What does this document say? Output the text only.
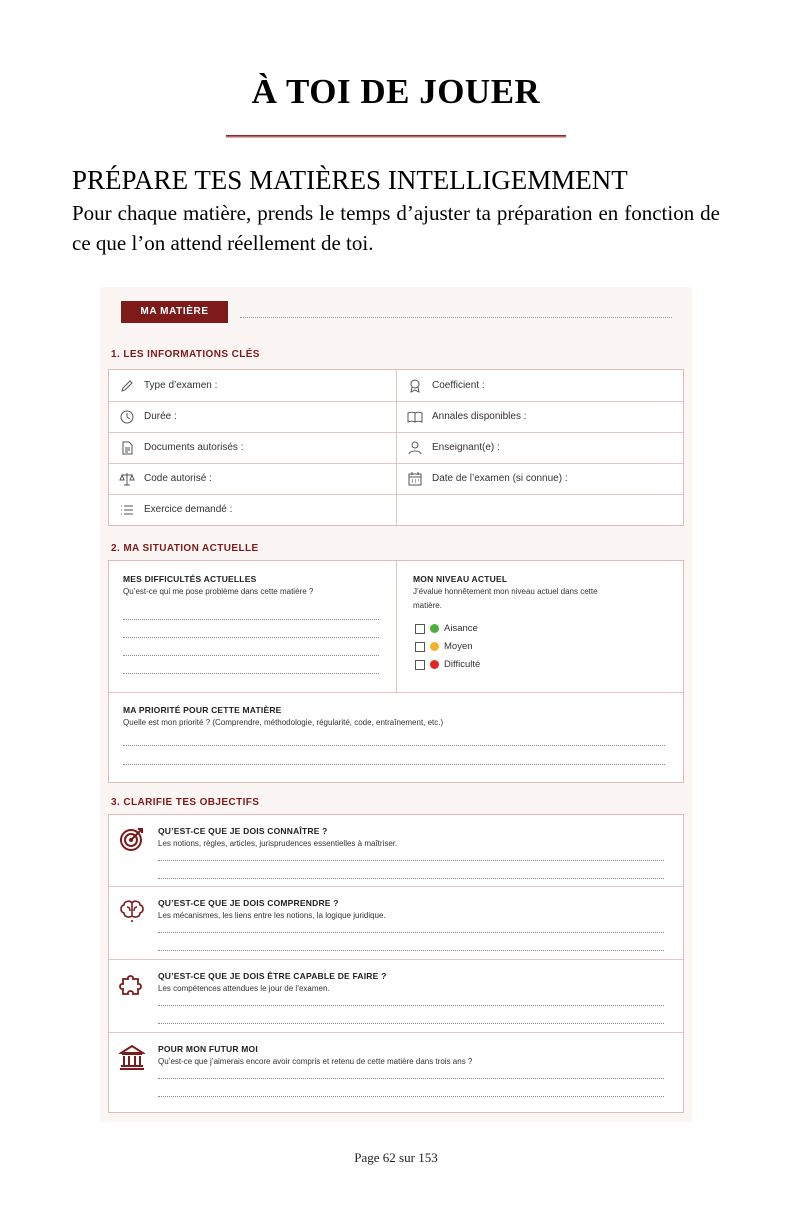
À TOI DE JOUER
PRÉPARE TES MATIÈRES INTELLIGEMMENT
Pour chaque matière, prends le temps d’ajuster ta préparation en fonction de ce que l’on attend réellement de toi.
MA MATIÈRE
1. LES INFORMATIONS CLÉS
Type d’examen :
Durée :
Documents autorisés :
Code autorisé :
Exercice demandé :
Coefficient :
Annales disponibles :
Enseignant(e) :
Date de l’examen (si connue) :
2. MA SITUATION ACTUELLE
MES DIFFICULTÉS ACTUELLES
Qu’est-ce qui me pose problème dans cette matière ?
MON NIVEAU ACTUEL
J’évalue honnêtement mon niveau actuel dans cette matière.
Aisance
Moyen
Difficulté
MA PRIORITÉ POUR CETTE MATIÈRE
Quelle est mon priorité ? (Comprendre, méthodologie, régularité, code, entraînement, etc.)
3. CLARIFIE TES OBJECTIFS
QU’EST-CE QUE JE DOIS CONNAÎTRE ?
Les notions, règles, articles, jurisprudences essentielles à maîtriser.
QU’EST-CE QUE JE DOIS COMPRENDRE ?
Les mécanismes, les liens entre les notions, la logique juridique.
QU’EST-CE QUE JE DOIS ÊTRE CAPABLE DE FAIRE ?
Les compétences attendues le jour de l’examen.
POUR MON FUTUR MOI
Qu’est-ce que j’aimerais encore avoir compris et retenu de cette matière dans trois ans ?
Page 62 sur 153
